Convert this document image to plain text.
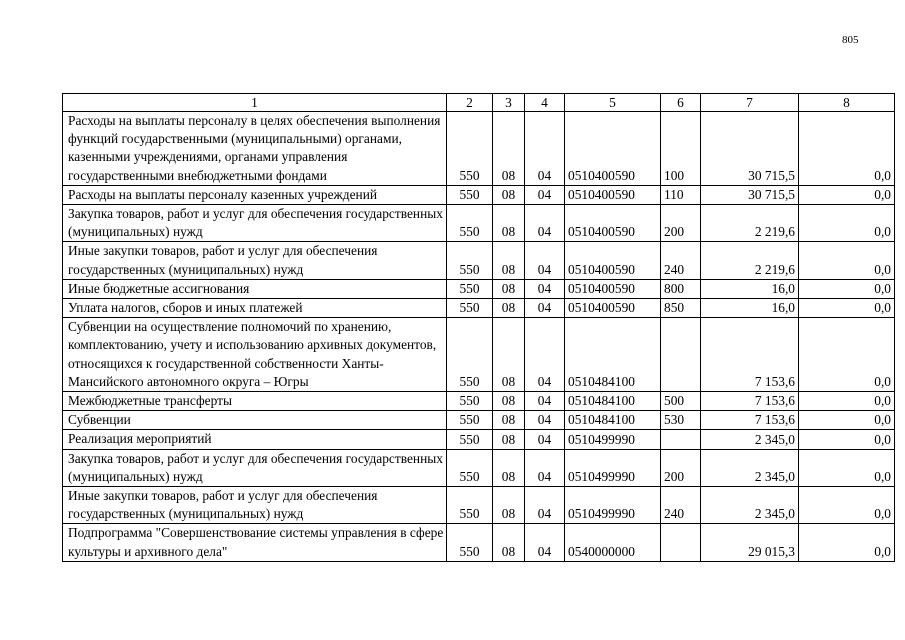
805
1	2	3	4	5	6	7	8
Расходы на выплаты персоналу в целях обеспечения выполнения функций государственными (муниципальными) органами, казенными учреждениями, органами управления государственными внебюджетными фондами	550	08	04	0510400590	100	30 715,5	0,0
Расходы на выплаты персоналу казенных учреждений	550	08	04	0510400590	110	30 715,5	0,0
Закупка товаров, работ и услуг для обеспечения государственных (муниципальных) нужд	550	08	04	0510400590	200	2 219,6	0,0
Иные закупки товаров, работ и услуг для обеспечения государственных (муниципальных) нужд	550	08	04	0510400590	240	2 219,6	0,0
Иные бюджетные ассигнования	550	08	04	0510400590	800	16,0	0,0
Уплата налогов, сборов и иных платежей	550	08	04	0510400590	850	16,0	0,0
Субвенции на осуществление полномочий по хранению, комплектованию, учету и использованию архивных документов, относящихся к государственной собственности Ханты-Мансийского автономного округа – Югры	550	08	04	0510484100		7 153,6	0,0
Межбюджетные трансферты	550	08	04	0510484100	500	7 153,6	0,0
Субвенции	550	08	04	0510484100	530	7 153,6	0,0
Реализация мероприятий	550	08	04	0510499990		2 345,0	0,0
Закупка товаров, работ и услуг для обеспечения государственных (муниципальных) нужд	550	08	04	0510499990	200	2 345,0	0,0
Иные закупки товаров, работ и услуг для обеспечения государственных (муниципальных) нужд	550	08	04	0510499990	240	2 345,0	0,0
Подпрограмма "Совершенствование системы управления в сфере культуры и архивного дела"	550	08	04	0540000000		29 015,3	0,0
